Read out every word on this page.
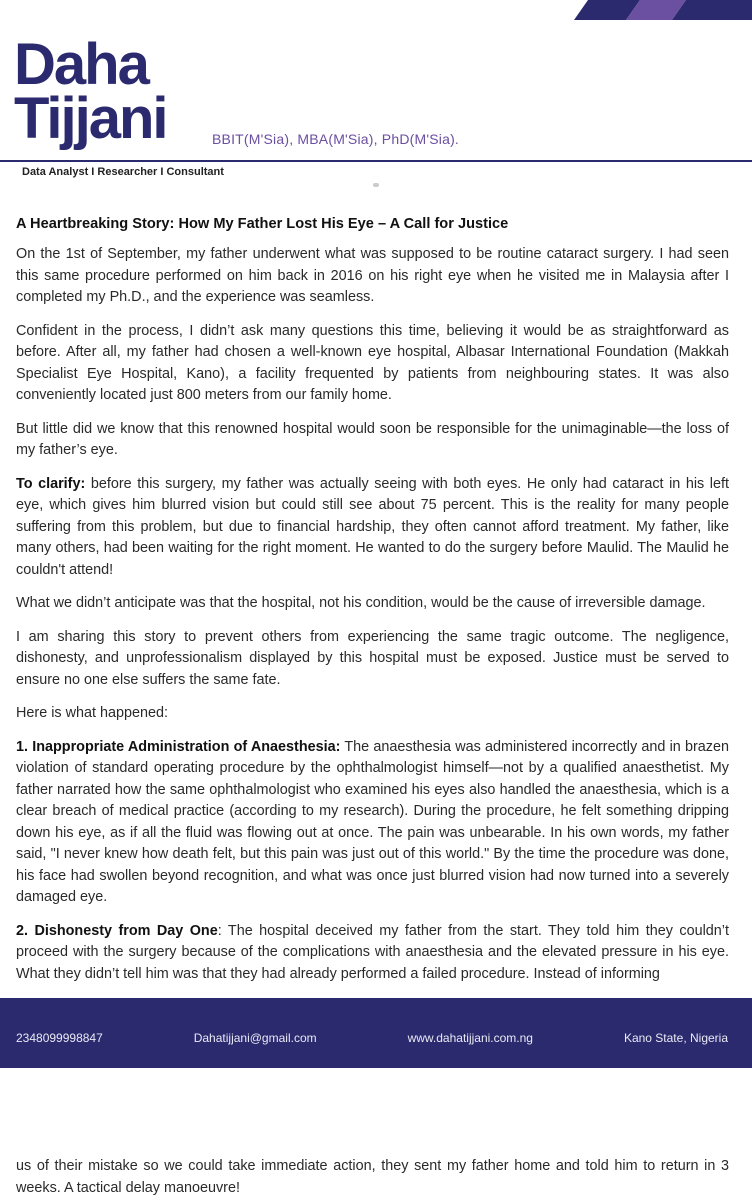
Daha
Tijjani	BBIT(M'Sia), MBA(M'Sia), PhD(M'Sia).
Data Analyst I Researcher I Consultant
A Heartbreaking Story: How My Father Lost His Eye – A Call for Justice

On the 1st of September, my father underwent what was supposed to be routine cataract surgery. I had seen this same procedure performed on him back in 2016 on his right eye when he visited me in Malaysia after I completed my Ph.D., and the experience was seamless.

Confident in the process, I didn’t ask many questions this time, believing it would be as straightforward as before. After all, my father had chosen a well-known eye hospital, Albasar International Foundation (Makkah Specialist Eye Hospital, Kano), a facility frequented by patients from neighbouring states. It was also conveniently located just 800 meters from our family home.

But little did we know that this renowned hospital would soon be responsible for the unimaginable—the loss of my father’s eye.

To clarify: before this surgery, my father was actually seeing with both eyes. He only had cataract in his left eye, which gives him blurred vision but could still see about 75 percent. This is the reality for many people suffering from this problem, but due to financial hardship, they often cannot afford treatment. My father, like many others, had been waiting for the right moment. He wanted to do the surgery before Maulid. The Maulid he couldn't attend!

What we didn’t anticipate was that the hospital, not his condition, would be the cause of irreversible damage.

I am sharing this story to prevent others from experiencing the same tragic outcome. The negligence, dishonesty, and unprofessionalism displayed by this hospital must be exposed. Justice must be served to ensure no one else suffers the same fate.

Here is what happened:

1. Inappropriate Administration of Anaesthesia: The anaesthesia was administered incorrectly and in brazen violation of standard operating procedure by the ophthalmologist himself—not by a qualified anaesthetist. My father narrated how the same ophthalmologist who examined his eyes also handled the anaesthesia, which is a clear breach of medical practice (according to my research). During the procedure, he felt something dripping down his eye, as if all the fluid was flowing out at once. The pain was unbearable. In his own words, my father said, "I never knew how death felt, but this pain was just out of this world." By the time the procedure was done, his face had swollen beyond recognition, and what was once just blurred vision had now turned into a severely damaged eye.

2. Dishonesty from Day One: The hospital deceived my father from the start. They told him they couldn’t proceed with the surgery because of the complications with anaesthesia and the elevated pressure in his eye. What they didn’t tell him was that they had already performed a failed procedure. Instead of informing

2348099998847	Dahatijjani@gmail.com	www.dahatijjani.com.ng	Kano State, Nigeria
us of their mistake so we could take immediate action, they sent my father home and told him to return in 3 weeks. A tactical delay manoeuvre!
